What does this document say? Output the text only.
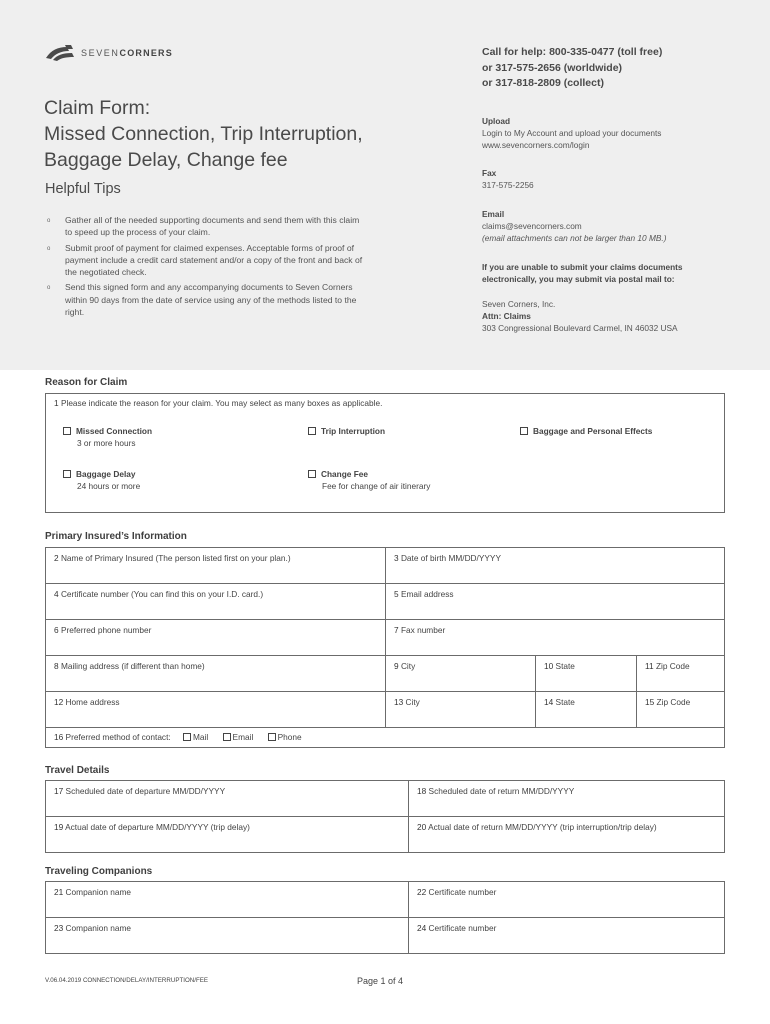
SEVENCORNERS
Claim Form:
Missed Connection, Trip Interruption,
Baggage Delay, Change fee
Helpful Tips
o Gather all of the needed supporting documents and send them with this claim to speed up the process of your claim.
o Submit proof of payment for claimed expenses. Acceptable forms of proof of payment include a credit card statement and/or a copy of the front and back of the negotiated check.
o Send this signed form and any accompanying documents to Seven Corners within 90 days from the date of service using any of the methods listed to the right.
Call for help: 800-335-0477 (toll free)
or 317-575-2656 (worldwide)
or 317-818-2809 (collect)
Upload
Login to My Account and upload your documents
www.sevencorners.com/login
Fax
317-575-2256
Email
claims@sevencorners.com
(email attachments can not be larger than 10 MB.)
If you are unable to submit your claims documents
electronically, you may submit via postal mail to:
Seven Corners, Inc.
Attn: Claims
303 Congressional Boulevard Carmel, IN 46032 USA
Reason for Claim
1 Please indicate the reason for your claim. You may select as many boxes as applicable.
Missed Connection
3 or more hours
Trip Interruption	Baggage and Personal Effects
Baggage Delay
24 hours or more
Change Fee
Fee for change of air itinerary
Primary Insured’s Information
2 Name of Primary Insured (The person listed first on your plan.)	3 Date of birth MM/DD/YYYY
4 Certificate number (You can find this on your I.D. card.)	5 Email address
6 Preferred phone number	7 Fax number
8 Mailing address (if different than home)	9 City	10 State	11 Zip Code
12 Home address	13 City	14 State	15 Zip Code
16 Preferred method of contact:	Mail	Email	Phone
Travel Details
17 Scheduled date of departure MM/DD/YYYY	18 Scheduled date of return MM/DD/YYYY
19 Actual date of departure MM/DD/YYYY (trip delay)	20 Actual date of return MM/DD/YYYY (trip interruption/trip delay)
Traveling Companions
21 Companion name	22 Certificate number
23 Companion name	24 Certificate number
V.06.04.2019 CONNECTION/DELAY/INTERRUPTION/FEE	Page 1 of 4
